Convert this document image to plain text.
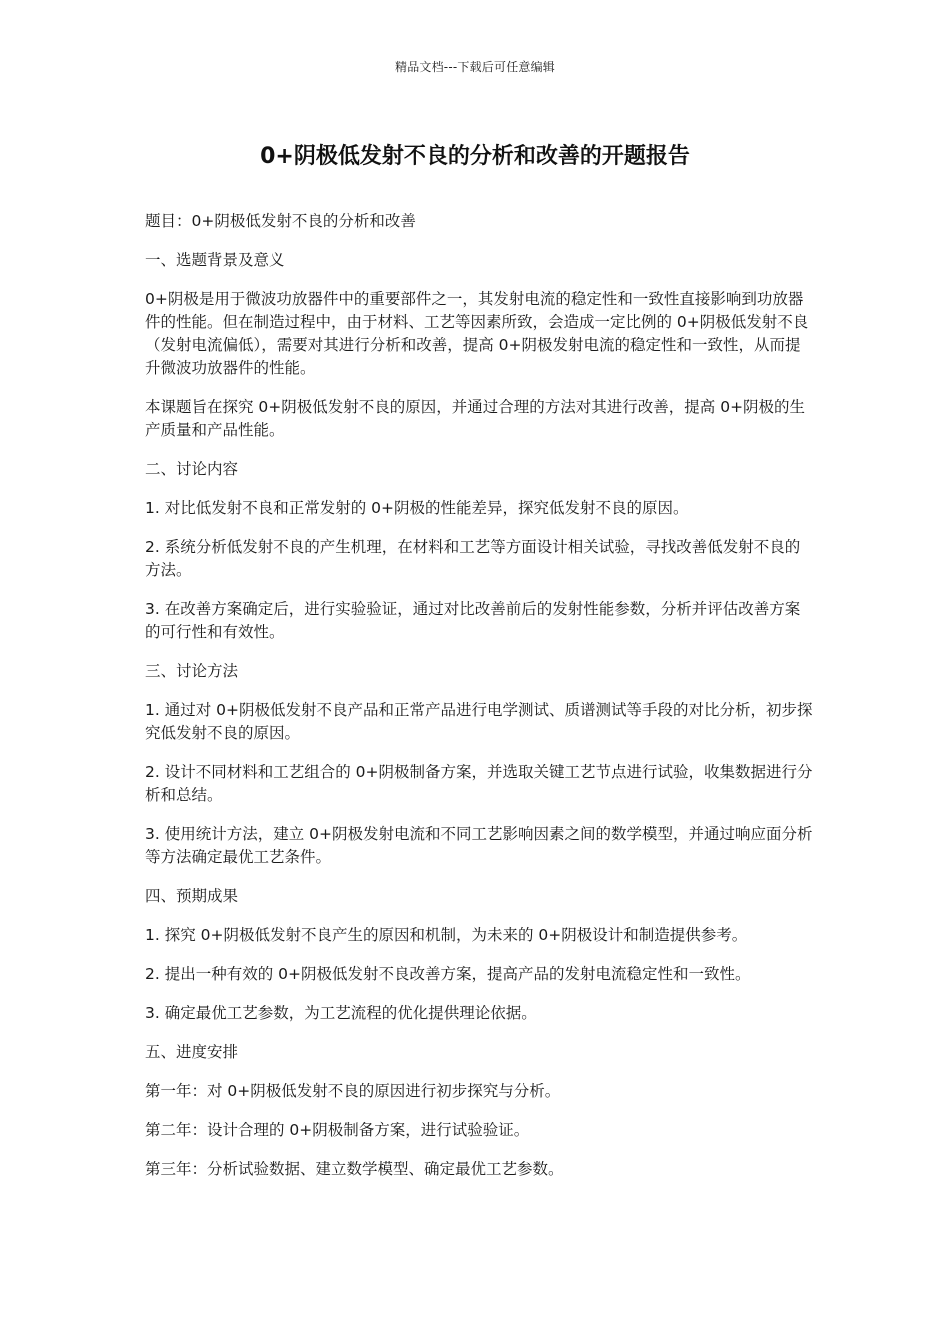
精品文档---下载后可任意编辑
0+阴极低发射不良的分析和改善的开题报告

题目：0+阴极低发射不良的分析和改善

一、选题背景及意义

0+阴极是用于微波功放器件中的重要部件之一，其发射电流的稳定性和一致性直接影响到功放器件的性能。但在制造过程中，由于材料、工艺等因素所致，会造成一定比例的 0+阴极低发射不良（发射电流偏低），需要对其进行分析和改善，提高 0+阴极发射电流的稳定性和一致性，从而提升微波功放器件的性能。

本课题旨在探究 0+阴极低发射不良的原因，并通过合理的方法对其进行改善，提高 0+阴极的生产质量和产品性能。

二、讨论内容

1. 对比低发射不良和正常发射的 0+阴极的性能差异，探究低发射不良的原因。

2. 系统分析低发射不良的产生机理，在材料和工艺等方面设计相关试验，寻找改善低发射不良的方法。

3. 在改善方案确定后，进行实验验证，通过对比改善前后的发射性能参数，分析并评估改善方案的可行性和有效性。

三、讨论方法

1. 通过对 0+阴极低发射不良产品和正常产品进行电学测试、质谱测试等手段的对比分析，初步探究低发射不良的原因。

2. 设计不同材料和工艺组合的 0+阴极制备方案，并选取关键工艺节点进行试验，收集数据进行分析和总结。

3. 使用统计方法，建立 0+阴极发射电流和不同工艺影响因素之间的数学模型，并通过响应面分析等方法确定最优工艺条件。

四、预期成果

1. 探究 0+阴极低发射不良产生的原因和机制，为未来的 0+阴极设计和制造提供参考。

2. 提出一种有效的 0+阴极低发射不良改善方案，提高产品的发射电流稳定性和一致性。

3. 确定最优工艺参数，为工艺流程的优化提供理论依据。

五、进度安排

第一年：对 0+阴极低发射不良的原因进行初步探究与分析。

第二年：设计合理的 0+阴极制备方案，进行试验验证。

第三年：分析试验数据、建立数学模型、确定最优工艺参数。
